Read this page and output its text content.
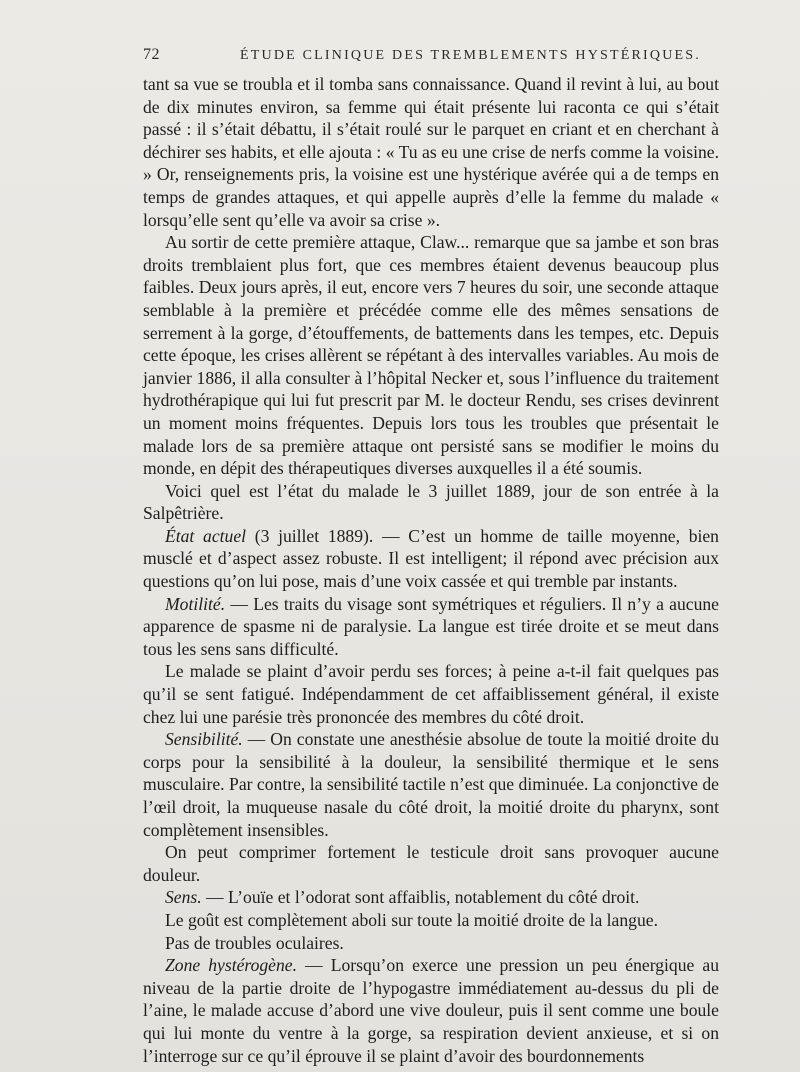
72	ÉTUDE CLINIQUE DES TREMBLEMENTS HYSTÉRIQUES.

tant sa vue se troubla et il tomba sans connaissance. Quand il revint à lui, au bout de dix minutes environ, sa femme qui était présente lui raconta ce qui s’était passé : il s’était débattu, il s’était roulé sur le parquet en criant et en cherchant à déchirer ses habits, et elle ajouta : « Tu as eu une crise de nerfs comme la voisine. » Or, renseignements pris, la voisine est une hystérique avérée qui a de temps en temps de grandes attaques, et qui appelle auprès d’elle la femme du malade « lorsqu’elle sent qu’elle va avoir sa crise ».

Au sortir de cette première attaque, Claw... remarque que sa jambe et son bras droits tremblaient plus fort, que ces membres étaient devenus beaucoup plus faibles. Deux jours après, il eut, encore vers 7 heures du soir, une seconde attaque semblable à la première et précédée comme elle des mêmes sensations de serrement à la gorge, d’étouffements, de battements dans les tempes, etc. Depuis cette époque, les crises allèrent se répétant à des intervalles variables. Au mois de janvier 1886, il alla consulter à l’hôpital Necker et, sous l’influence du traitement hydrothérapique qui lui fut prescrit par M. le docteur Rendu, ses crises devinrent un moment moins fréquentes. Depuis lors tous les troubles que présentait le malade lors de sa première attaque ont persisté sans se modifier le moins du monde, en dépit des thérapeutiques diverses auxquelles il a été soumis.

Voici quel est l’état du malade le 3 juillet 1889, jour de son entrée à la Salpêtrière.

État actuel (3 juillet 1889). — C’est un homme de taille moyenne, bien musclé et d’aspect assez robuste. Il est intelligent; il répond avec précision aux questions qu’on lui pose, mais d’une voix cassée et qui tremble par instants.

Motilité. — Les traits du visage sont symétriques et réguliers. Il n’y a aucune apparence de spasme ni de paralysie. La langue est tirée droite et se meut dans tous les sens sans difficulté.

Le malade se plaint d’avoir perdu ses forces; à peine a-t-il fait quelques pas qu’il se sent fatigué. Indépendamment de cet affaiblissement général, il existe chez lui une parésie très prononcée des membres du côté droit.

Sensibilité. — On constate une anesthésie absolue de toute la moitié droite du corps pour la sensibilité à la douleur, la sensibilité thermique et le sens musculaire. Par contre, la sensibilité tactile n’est que diminuée. La conjonctive de l’œil droit, la muqueuse nasale du côté droit, la moitié droite du pharynx, sont complètement insensibles.

On peut comprimer fortement le testicule droit sans provoquer aucune douleur.

Sens. — L’ouïe et l’odorat sont affaiblis, notablement du côté droit.

Le goût est complètement aboli sur toute la moitié droite de la langue.

Pas de troubles oculaires.

Zone hystérogène. — Lorsqu’on exerce une pression un peu énergique au niveau de la partie droite de l’hypogastre immédiatement au-dessus du pli de l’aine, le malade accuse d’abord une vive douleur, puis il sent comme une boule qui lui monte du ventre à la gorge, sa respiration devient anxieuse, et si on l’interroge sur ce qu’il éprouve il se plaint d’avoir des bourdonnements
